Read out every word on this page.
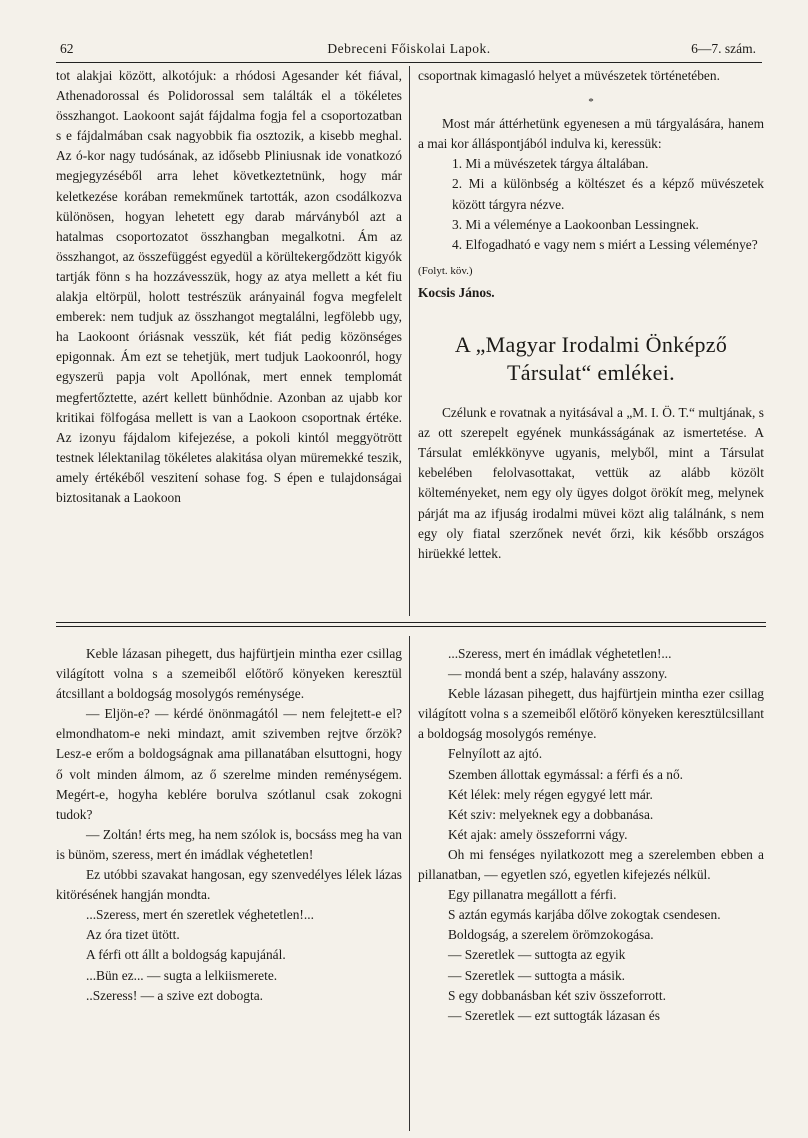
62	Debreceni Főiskolai Lapok.	6—7. szám.

tot alakjai között, alkotójuk: a rhódosi Agesander két fiával, Athenadorossal és Polidorossal sem találták el a tökéletes összhangot. Laokoont saját fájdalma fogja fel a csoportozatban s e fájdalmában csak nagyobbik fia osztozik, a kisebb meghal. Az ó-kor nagy tudósának, az idősebb Pliniusnak ide vonatkozó megjegyzéséből arra lehet következtetnünk, hogy már keletkezése korában remekműnek tartották, azon csodálkozva különösen, hogyan lehetett egy darab márványból azt a hatalmas csoportozatot összhangban megalkotni. Ám az összhangot, az összefüggést egyedül a körültekergődzött kigyók tartják fönn s ha hozzávesszük, hogy az atya mellett a két fiu alakja eltörpül, holott testrészük arányainál fogva megfelelt emberek: nem tudjuk az összhangot megtalálni, legfölebb ugy, ha Laokoont óriásnak vesszük, két fiát pedig közönséges epigonnak. Ám ezt se tehetjük, mert tudjuk Laokoonról, hogy egyszerü papja volt Apollónak, mert ennek templomát megfertőztette, azért kellett bünhődnie. Azonban az ujabb kor kritikai fölfogása mellett is van a Laokoon csoportnak értéke. Az izonyu fájdalom kifejezése, a pokoli kintól meggyötrött testnek lélektanilag tökéletes alakitása olyan müremekké teszik, amely értékéből veszitení sohase fog. S épen e tulajdonságai biztositanak a Laokoon

csoportnak kimagasló helyet a müvészetek történetében.

*

Most már áttérhetünk egyenesen a mü tárgyalására, hanem a mai kor álláspontjából indulva ki, keressük:

1. Mi a müvészetek tárgya általában.

2. Mi a különbség a költészet és a képző müvészetek között tárgyra nézve.

3. Mi a véleménye a Laokoonban Lessingnek.

4. Elfogadható e vagy nem s miért a Lessing véleménye?

(Folyt. köv.)

Kocsis János.

A „Magyar Irodalmi Önképző Társulat“ emlékei.

Czélunk e rovatnak a nyitásával a „M. I. Ö. T.“ multjának, s az ott szerepelt egyének munkásságának az ismertetése. A Társulat emlékkönyve ugyanis, melyből, mint a Társulat kebelében felolvasottakat, vettük az alább közölt költeményeket, nem egy oly ügyes dolgot örökít meg, melynek párját ma az ifjuság irodalmi müvei közt alig találnánk, s nem egy oly fiatal szerzőnek nevét őrzi, kik később országos hirüekké lettek.

Keble lázasan pihegett, dus hajfürtjein mintha ezer csillag világított volna s a szemeiből előtörő könyeken keresztül átcsillant a boldogság mosolygós reménysége.

— Eljön-e? — kérdé önönmagától — nem felejtett-e el? elmondhatom-e neki mindazt, amit szivemben rejtve őrzök? Lesz-e erőm a boldogságnak ama pillanatában elsuttogni, hogy ő volt minden álmom, az ő szerelme minden reménységem. Megért-e, hogyha keblére borulva szótlanul csak zokogni tudok?

— Zoltán! érts meg, ha nem szólok is, bocsáss meg ha van is bünöm, szeress, mert én imádlak véghetetlen!

Ez utóbbi szavakat hangosan, egy szenvedélyes lélek lázas kitörésének hangján mondta.

...Szeress, mert én szeretlek véghetetlen!...

Az óra tizet ütött.

A férfi ott állt a boldogság kapujánál.

...Bün ez... — sugta a lelkiismerete.

..Szeress! — a szive ezt dobogta.

...Szeress, mert én imádlak véghetetlen!...

— mondá bent a szép, halavány asszony.

Keble lázasan pihegett, dus hajfürtjein mintha ezer csillag világított volna s a szemeiből előtörő könyeken keresztülcsillant a boldogság mosolygós reménye.

Felnyílott az ajtó.

Szemben állottak egymással: a férfi és a nő.

Két lélek: mely régen egygyé lett már.

Két sziv: melyeknek egy a dobbanása.

Két ajak: amely összeforrni vágy.

Oh mi fenséges nyilatkozott meg a szerelemben ebben a pillanatban, — egyetlen szó, egyetlen kifejezés nélkül.

Egy pillanatra megállott a férfi.

S aztán egymás karjába dőlve zokogtak csendesen.

Boldogság, a szerelem örömzokogása.

— Szeretlek — suttogta az egyik

— Szeretlek — suttogta a másik.

S egy dobbanásban két sziv összeforrott.

— Szeretlek — ezt suttogták lázasan és
